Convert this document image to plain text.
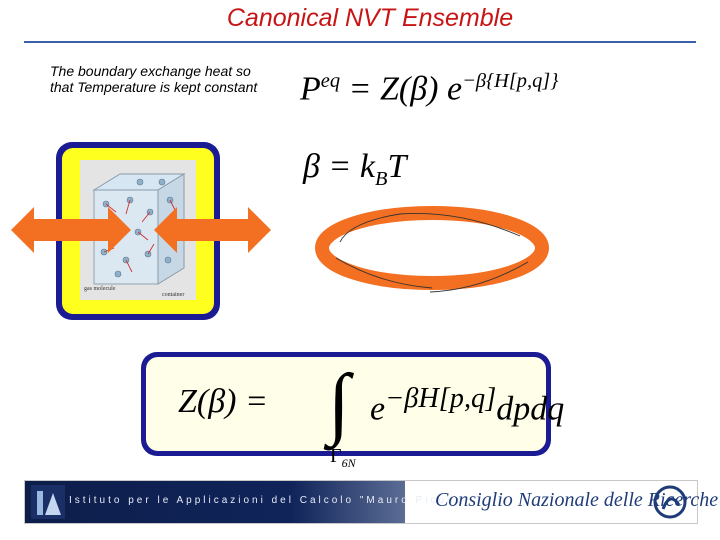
Canonical NVT Ensemble
The boundary exchange heat so that Temperature is kept constant	$P^{eq} = Z(\beta)$ $e^{-\beta\{H[p,q]\}}$
$\beta = k_BT$
gas molecule
container
Z(β) = ∫ $e^{-\beta H[p,q]}dpdq$
$\Gamma_{6N}$
Istituto per le Applicazioni del Calcolo "Mauro Picone"
Consiglio Nazionale delle Ricerche
